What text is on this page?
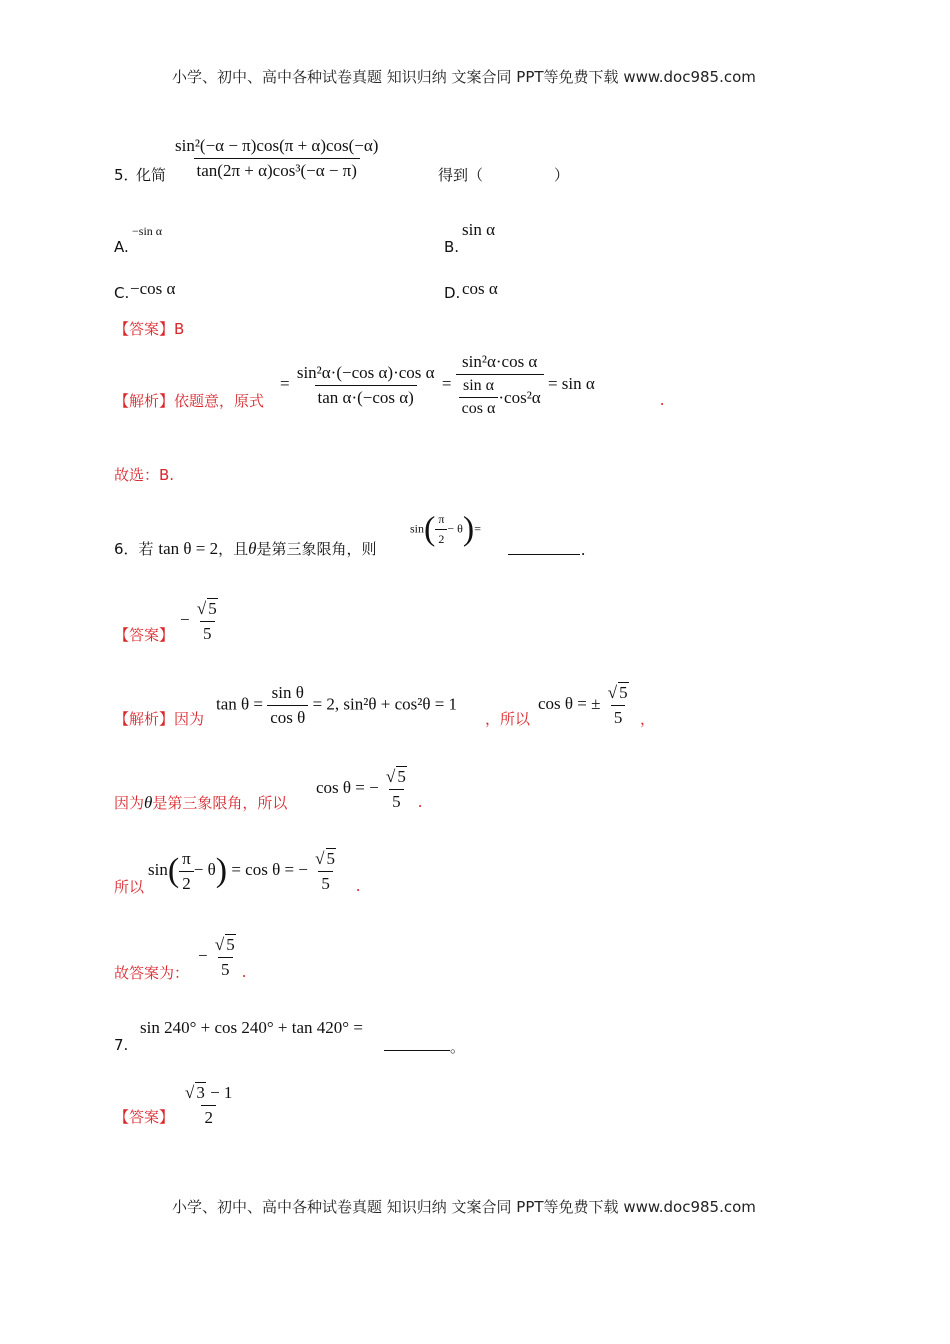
小学、初中、高中各种试卷真题 知识归纳 文案合同 PPT等免费下载 www.doc985.com
5．
化简 $\frac{\text{sin²(−α − π)cos(π + α)cos(−α)}}{\text{tan(2π + α)cos³(−α − π)}}$	得到（	）
A.
−sin α
B.
sin α
C. −cos α	D. cos α
【答案】B
【解析】依题意，原式
= $\frac{\text{sin²α·(−cos α)·cos α}}{\text{tan α·(−cos α)}} = \frac{\text{sin²α·cos α}}{\frac{\text{sin α}}{\text{cos α}} \cdot\cos^2\alpha} = \sin \alpha$
.
故选：B.
6．若 tan θ = 2，且θ是第三象限角，则
$\sin( \frac{\pi}{2} - \theta)=$
.
【答案】
− $\frac{√ 5}{5}$
【解析】因为
$\tan \theta = \frac{\text{sin θ}}{\text{cos θ}} = 2$, sin²θ + cos²θ = 1
，所以
cos θ = ± $\frac{√ 5}{5}$ ，
因为θ是第三象限角，所以
cos θ = − $\frac{√ 5}{5}$ .
所以
$\sin( \frac{\pi}{2} - \theta) = \cos \theta$ = − $\frac{√ 5}{5}$ .
故答案为：
− $\frac{√ 5}{5}$ .
7.
sin 240° + cos 240° + tan 420° =
。
【答案】 $\frac{√ 3 - 1}{2}$
小学、初中、高中各种试卷真题 知识归纳 文案合同 PPT等免费下载 www.doc985.com
